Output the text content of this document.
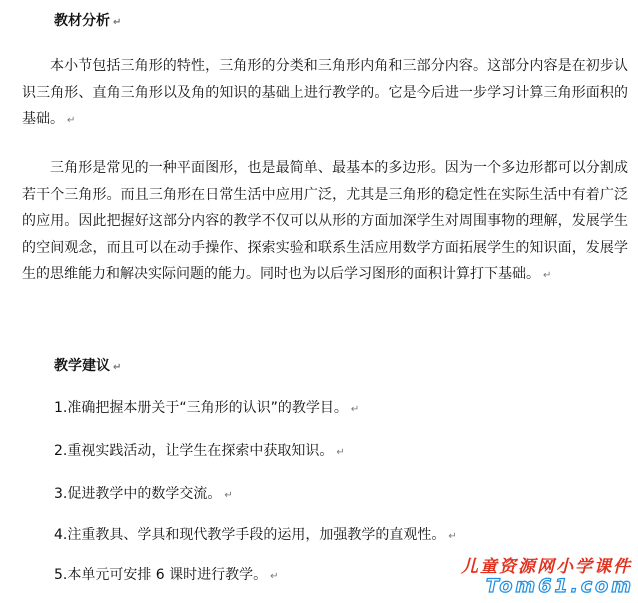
教材分析 ↵
本小节包括三角形的特性，三角形的分类和三角形内角和三部分内容。这部分内容是在初步认识三角形、直角三角形以及角的知识的基础上进行教学的。它是今后进一步学习计算三角形面积的基础。 ↵
三角形是常见的一种平面图形，也是最简单、最基本的多边形。因为一个多边形都可以分割成若干个三角形。而且三角形在日常生活中应用广泛，尤其是三角形的稳定性在实际生活中有着广泛的应用。因此把握好这部分内容的教学不仅可以从形的方面加深学生对周围事物的理解，发展学生的空间观念，而且可以在动手操作、探索实验和联系生活应用数学方面拓展学生的知识面，发展学生的思维能力和解决实际问题的能力。同时也为以后学习图形的面积计算打下基础。 ↵
教学建议 ↵
1.准确把握本册关于“三角形的认识”的教学目。 ↵
2.重视实践活动，让学生在探索中获取知识。 ↵
3.促进教学中的数学交流。 ↵
4.注重教具、学具和现代教学手段的运用，加强教学的直观性。 ↵
5.本单元可安排 6 课时进行教学。 ↵	儿童资源网小学课件
Tom61.com
